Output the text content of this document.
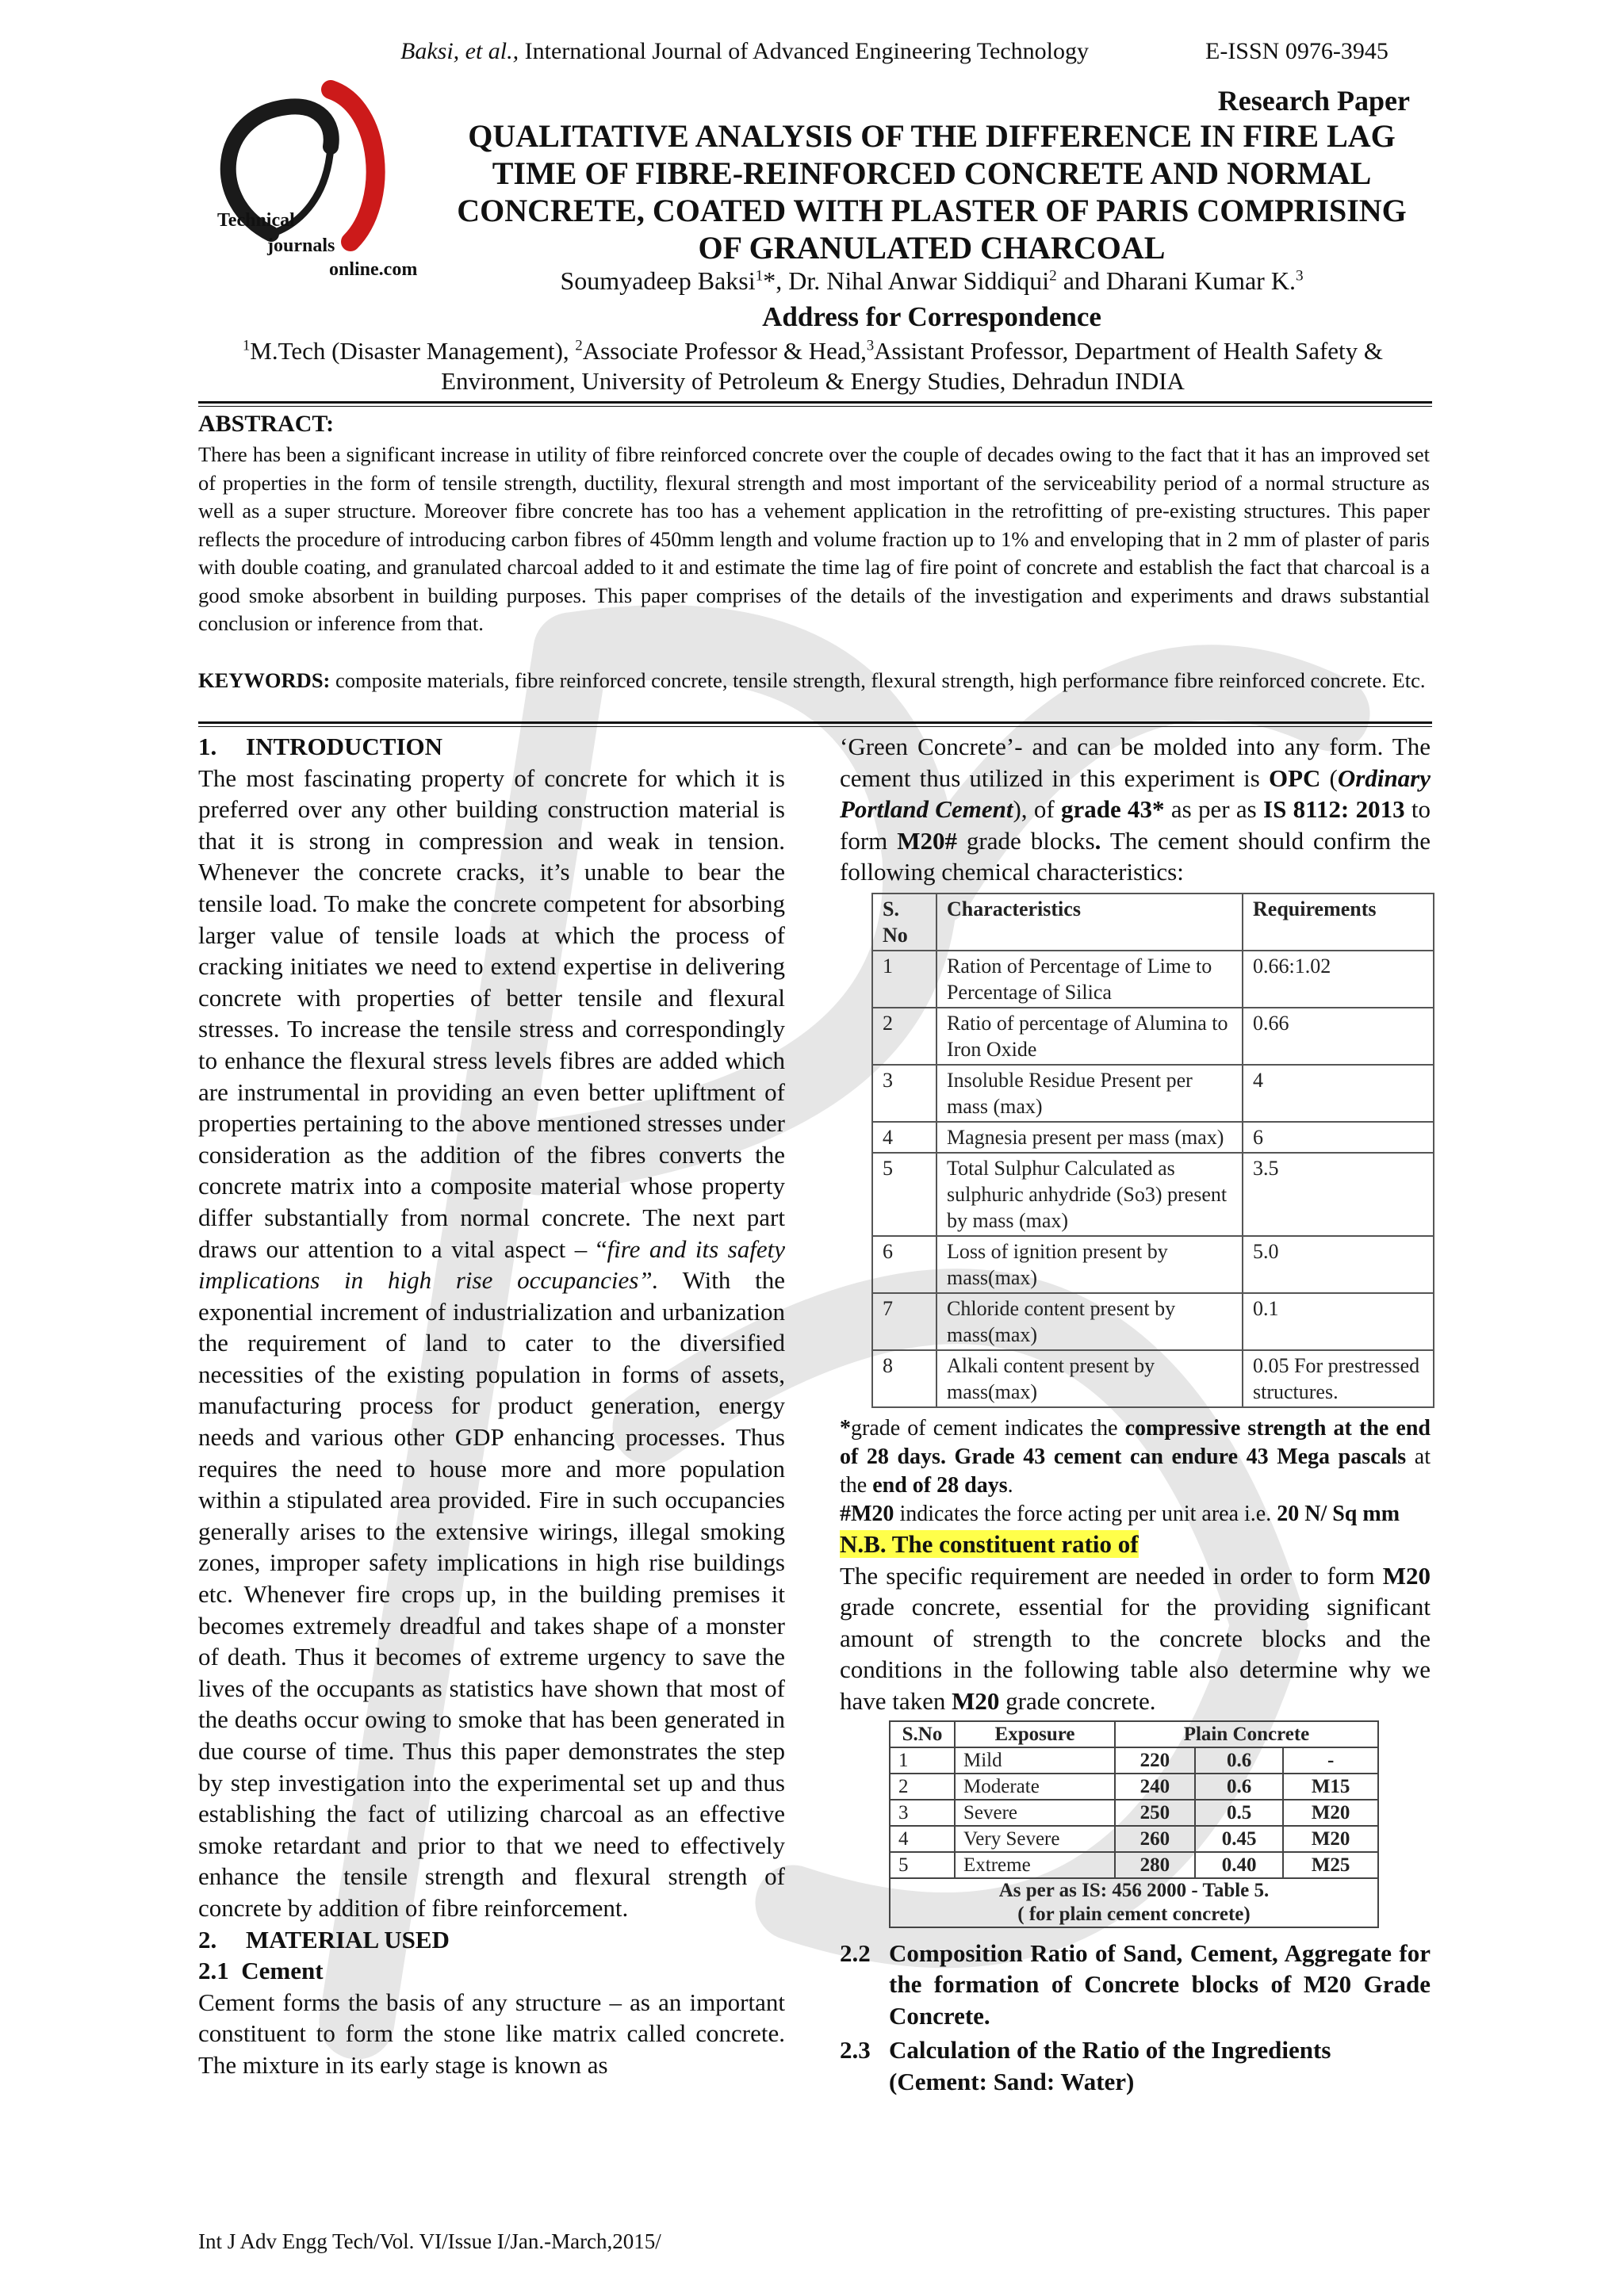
Baksi, et al., International Journal of Advanced Engineering Technology	E-ISSN 0976-3945
Technical
journals
online.com
Research Paper
QUALITATIVE ANALYSIS OF THE DIFFERENCE IN FIRE LAG TIME OF FIBRE-REINFORCED CONCRETE AND NORMAL CONCRETE, COATED WITH PLASTER OF PARIS COMPRISING OF GRANULATED CHARCOAL
Soumyadeep Baksi$^1$*, Dr. Nihal Anwar Siddiqui$^2$ and Dharani Kumar K.$^3$
Address for Correspondence
$^1$M.Tech (Disaster Management), $^2$Associate Professor & Head,$^3$Assistant Professor, Department of Health Safety & Environment, University of Petroleum & Energy Studies, Dehradun INDIA
ABSTRACT:
There has been a significant increase in utility of fibre reinforced concrete over the couple of decades owing to the fact that it has an improved set of properties in the form of tensile strength, ductility, flexural strength and most important of the serviceability period of a normal structure as well as a super structure. Moreover fibre concrete has too has a vehement application in the retrofitting of pre-existing structures. This paper reflects the procedure of introducing carbon fibres of 450mm length and volume fraction up to 1% and enveloping that in 2 mm of plaster of paris with double coating, and granulated charcoal added to it and estimate the time lag of fire point of concrete and establish the fact that charcoal is a good smoke absorbent in building purposes. This paper comprises of the details of the investigation and experiments and draws substantial conclusion or inference from that.
KEYWORDS: composite materials, fibre reinforced concrete, tensile strength, flexural strength, high performance fibre reinforced concrete. Etc.

1. INTRODUCTION

The most fascinating property of concrete for which it is preferred over any other building construction material is that it is strong in compression and weak in tension. Whenever the concrete cracks, it’s unable to bear the tensile load. To make the concrete competent for absorbing larger value of tensile loads at which the process of cracking initiates we need to extend expertise in delivering concrete with properties of better tensile and flexural stresses. To increase the tensile stress and correspondingly to enhance the flexural stress levels fibres are added which are instrumental in providing an even better upliftment of properties pertaining to the above mentioned stresses under consideration as the addition of the fibres converts the concrete matrix into a composite material whose property differ substantially from normal concrete. The next part draws our attention to a vital aspect – “fire and its safety implications in high rise occupancies”. With the exponential increment of industrialization and urbanization the requirement of land to cater to the diversified necessities of the existing population in forms of assets, manufacturing process for product generation, energy needs and various other GDP enhancing processes. Thus requires the need to house more and more population within a stipulated area provided. Fire in such occupancies generally arises to the extensive wirings, illegal smoking zones, improper safety implications in high rise buildings etc. Whenever fire crops up, in the building premises it becomes extremely dreadful and takes shape of a monster of death. Thus it becomes of extreme urgency to save the lives of the occupants as statistics have shown that most of the deaths occur owing to smoke that has been generated in due course of time. Thus this paper demonstrates the step by step investigation into the experimental set up and thus establishing the fact of utilizing charcoal as an effective smoke retardant and prior to that we need to effectively enhance the tensile strength and flexural strength of concrete by addition of fibre reinforcement.

2. MATERIAL USED

2.1 Cement

Cement forms the basis of any structure – as an important constituent to form the stone like matrix called concrete. The mixture in its early stage is known as

‘Green Concrete’- and can be molded into any form. The cement thus utilized in this experiment is OPC (Ordinary Portland Cement), of grade 43* as per as IS 8112: 2013 to form M20# grade blocks. The cement should confirm the following chemical characteristics:

S. No	Characteristics	Requirements
1	Ration of Percentage of Lime to Percentage of Silica	0.66:1.02
2	Ratio of percentage of Alumina to Iron Oxide	0.66
3	Insoluble Residue Present per mass (max)	4
4	Magnesia present per mass (max)	6
5	Total Sulphur Calculated as sulphuric anhydride (So3) present by mass (max)	3.5
6	Loss of ignition present by mass(max)	5.0
7	Chloride content present by mass(max)	0.1
8	Alkali content present by mass(max)	0.05 For prestressed structures.
*grade of cement indicates the compressive strength at the end of 28 days. Grade 43 cement can endure 43 Mega pascals at the end of 28 days.
#M20 indicates the force acting per unit area i.e. 20 N/ Sq mm

N.B. The constituent ratio of

The specific requirement are needed in order to form M20 grade concrete, essential for the providing significant amount of strength to the concrete blocks and the conditions in the following table also determine why we have taken M20 grade concrete.

S.No	Exposure	Plain Concrete		
1	Mild	220	0.6	-
2	Moderate	240	0.6	M15
3	Severe	250	0.5	M20
4	Very Severe	260	0.45	M20
5	Extreme	280	0.40	M25
As per as IS: 456 2000 - Table 5.
( for plain cement concrete)				
2.2 Composition Ratio of Sand, Cement, Aggregate for the formation of Concrete blocks of M20 Grade Concrete.
2.3 Calculation of the Ratio of the Ingredients (Cement: Sand: Water)
Int J Adv Engg Tech/Vol. VI/Issue I/Jan.-March,2015/
